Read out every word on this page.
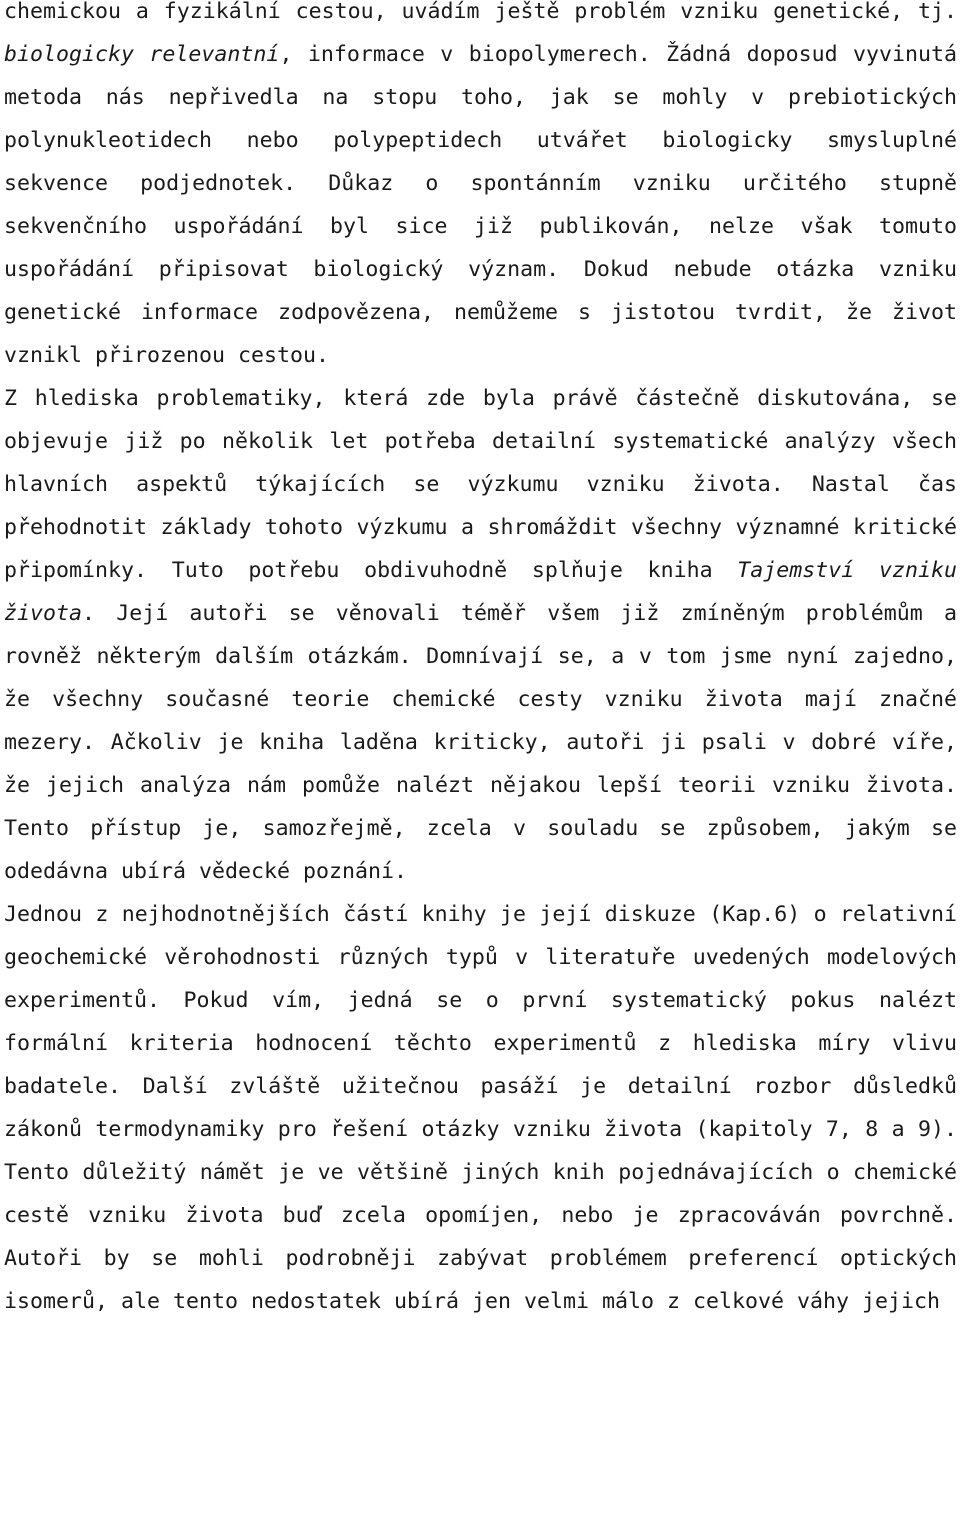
chemickou a fyzikální cestou, uvádím ještě problém vzniku genetické, tj. biologicky relevantní, informace v biopolymerech. Žádná doposud vyvinutá metoda nás nepřivedla na stopu toho, jak se mohly v prebiotických polynukleotidech nebo polypeptidech utvářet biologicky smysluplné sekvence podjednotek. Důkaz o spontánním vzniku určitého stupně sekvenčního uspořádání byl sice již publikován, nelze však tomuto uspořádání připisovat biologický význam. Dokud nebude otázka vzniku genetické informace zodpovězena, nemůžeme s jistotou tvrdit, že život vznikl přirozenou cestou.

Z hlediska problematiky, která zde byla právě částečně diskutována, se objevuje již po několik let potřeba detailní systematické analýzy všech hlavních aspektů týkajících se výzkumu vzniku života. Nastal čas přehodnotit základy tohoto výzkumu a shromáždit všechny významné kritické připomínky. Tuto potřebu obdivuhodně splňuje kniha Tajemství vzniku života. Její autoři se věnovali téměř všem již zmíněným problémům a rovněž některým dalším otázkám. Domnívají se, a v tom jsme nyní zajedno, že všechny současné teorie chemické cesty vzniku života mají značné mezery. Ačkoliv je kniha laděna kriticky, autoři ji psali v dobré víře, že jejich analýza nám pomůže nalézt nějakou lepší teorii vzniku života. Tento přístup je, samozřejmě, zcela v souladu se způsobem, jakým se odedávna ubírá vědecké poznání.

Jednou z nejhodnotnějších částí knihy je její diskuze (Kap.6) o relativní geochemické věrohodnosti různých typů v literatuře uvedených modelových experimentů. Pokud vím, jedná se o první systematický pokus nalézt formální kriteria hodnocení těchto experimentů z hlediska míry vlivu badatele. Další zvláště užitečnou pasáží je detailní rozbor důsledků zákonů termodynamiky pro řešení otázky vzniku života (kapitoly 7, 8 a 9). Tento důležitý námět je ve většině jiných knih pojednávajících o chemické cestě vzniku života buď zcela opomíjen, nebo je zpracováván povrchně. Autoři by se mohli podrobněji zabývat problémem preferencí optických isomerů, ale tento nedostatek ubírá jen velmi málo z celkové váhy jejich
